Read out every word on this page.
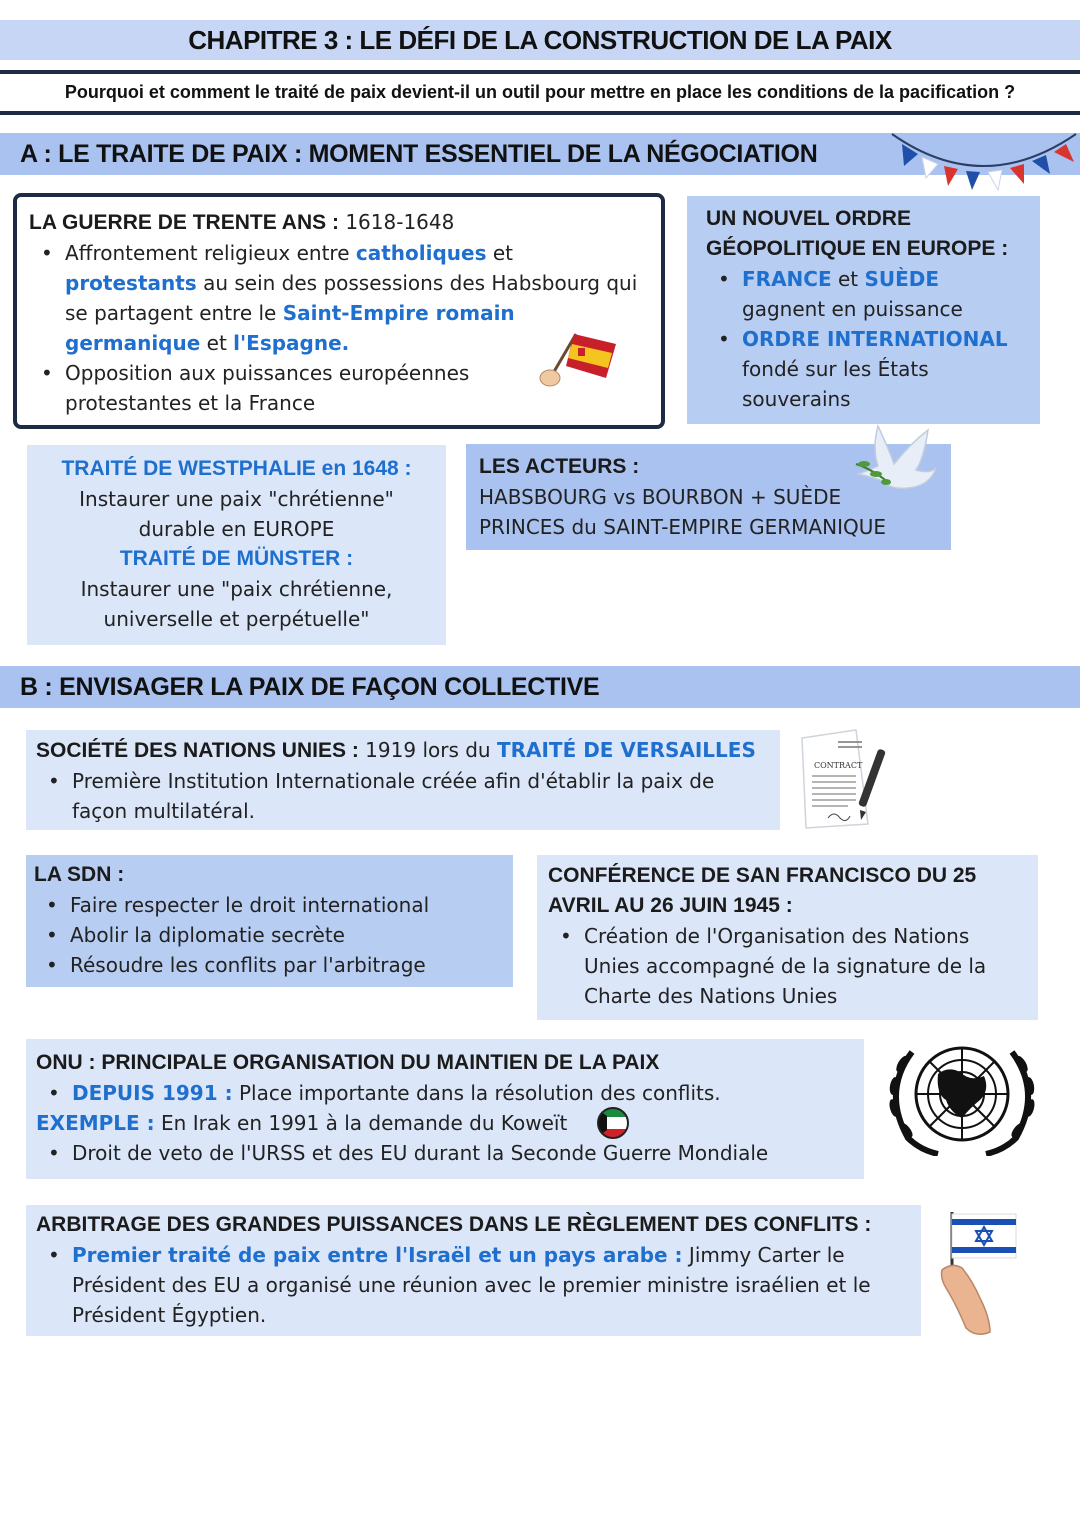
CHAPITRE 3 : LE DÉFI DE LA CONSTRUCTION DE LA PAIX
Pourquoi et comment le traité de paix devient-il un outil pour mettre en place les conditions de la pacification ?
A : LE TRAITE DE PAIX : MOMENT ESSENTIEL DE LA NÉGOCIATION
LA GUERRE DE TRENTE ANS : 1618-1648
• Affrontement religieux entre catholiques et protestants au sein des possessions des Habsbourg qui se partagent entre le Saint-Empire romain germanique et l'Espagne.
• Opposition aux puissances européennes protestantes et la France
UN NOUVEL ORDRE GÉOPOLITIQUE EN EUROPE :
• FRANCE et SUÈDE gagnent en puissance
• ORDRE INTERNATIONAL fondé sur les États souverains
TRAITÉ DE WESTPHALIE en 1648 :
Instaurer une paix "chrétienne" durable en EUROPE
TRAITÉ DE MÜNSTER :
Instaurer une "paix chrétienne, universelle et perpétuelle"
LES ACTEURS :
HABSBOURG vs BOURBON + SUÈDE
PRINCES du SAINT-EMPIRE GERMANIQUE
B : ENVISAGER LA PAIX DE FAÇON COLLECTIVE
SOCIÉTÉ DES NATIONS UNIES : 1919 lors du TRAITÉ DE VERSAILLES
• Première Institution Internationale créée afin d'établir la paix de façon multilatéral.
CONTRACT
LA SDN :
• Faire respecter le droit international
• Abolir la diplomatie secrète
• Résoudre les conflits par l'arbitrage
CONFÉRENCE DE SAN FRANCISCO DU 25 AVRIL AU 26 JUIN 1945 :
• Création de l'Organisation des Nations Unies accompagné de la signature de la Charte des Nations Unies
ONU : PRINCIPALE ORGANISATION DU MAINTIEN DE LA PAIX
• DEPUIS 1991 : Place importante dans la résolution des conflits.
EXEMPLE : En Irak en 1991 à la demande du Koweït
• Droit de veto de l'URSS et des EU durant la Seconde Guerre Mondiale
ARBITRAGE DES GRANDES PUISSANCES DANS LE RÈGLEMENT DES CONFLITS :
• Premier traité de paix entre l'Israël et un pays arabe : Jimmy Carter le Président des EU a organisé une réunion avec le premier ministre israélien et le Président Égyptien.
